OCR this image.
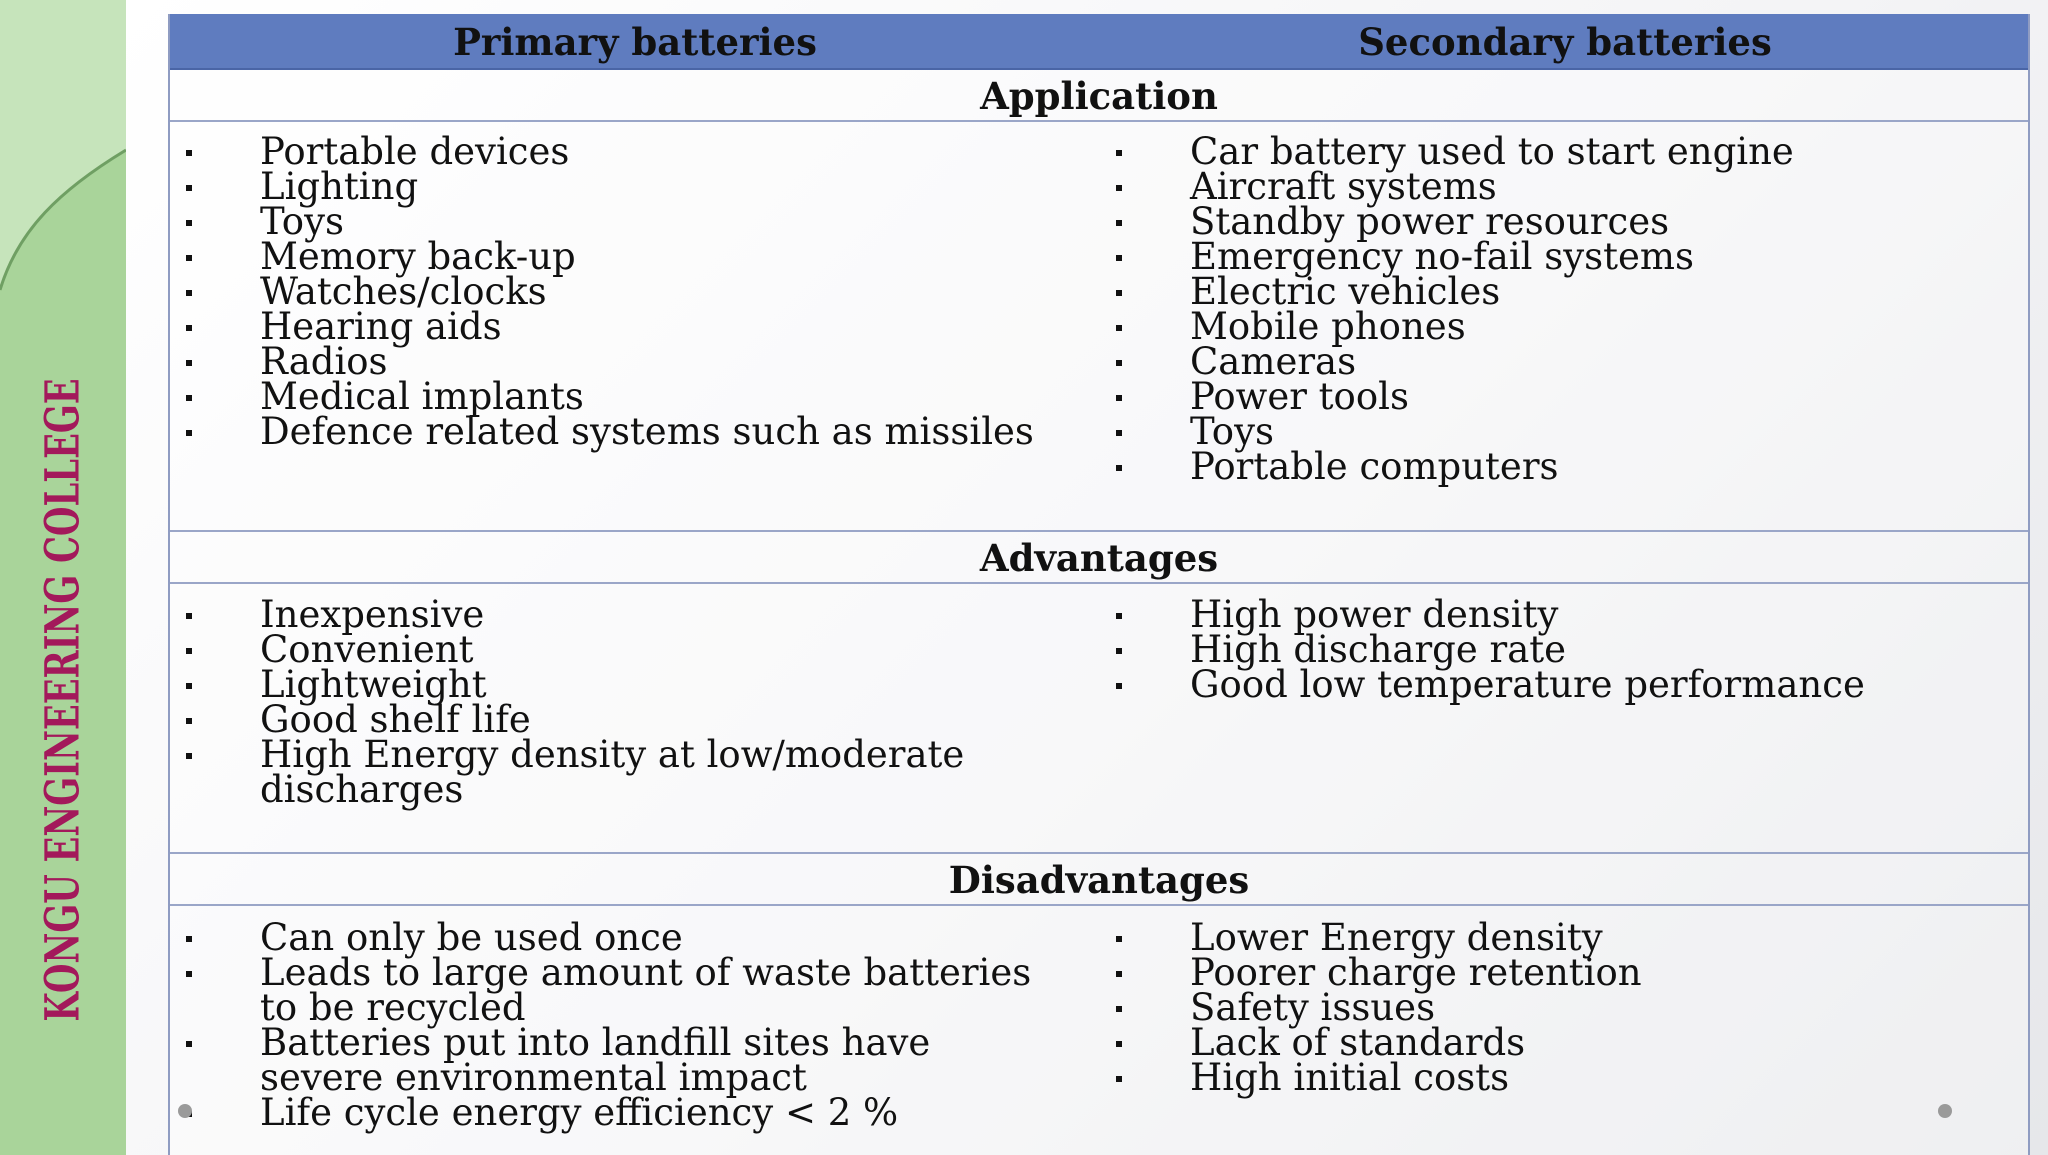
KONGU ENGINEERING COLLEGE
Primary batteries	Secondary batteries
Application
Portable devices
Lighting
Toys
Memory back-up
Watches/clocks
Hearing aids
Radios
Medical implants
Defence related systems such as missiles
Car battery used to start engine
Aircraft systems
Standby power resources
Emergency no-fail systems
Electric vehicles
Mobile phones
Cameras
Power tools
Toys
Portable computers
Advantages
Inexpensive
Convenient
Lightweight
Good shelf life
High Energy density at low/moderate
discharges
High power density
High discharge rate
Good low temperature performance
Disadvantages
Can only be used once
Leads to large amount of waste batteries
to be recycled
Batteries put into landfill sites have
severe environmental impact
Life cycle energy efficiency < 2 %
Lower Energy density
Poorer charge retention
Safety issues
Lack of standards
High initial costs
